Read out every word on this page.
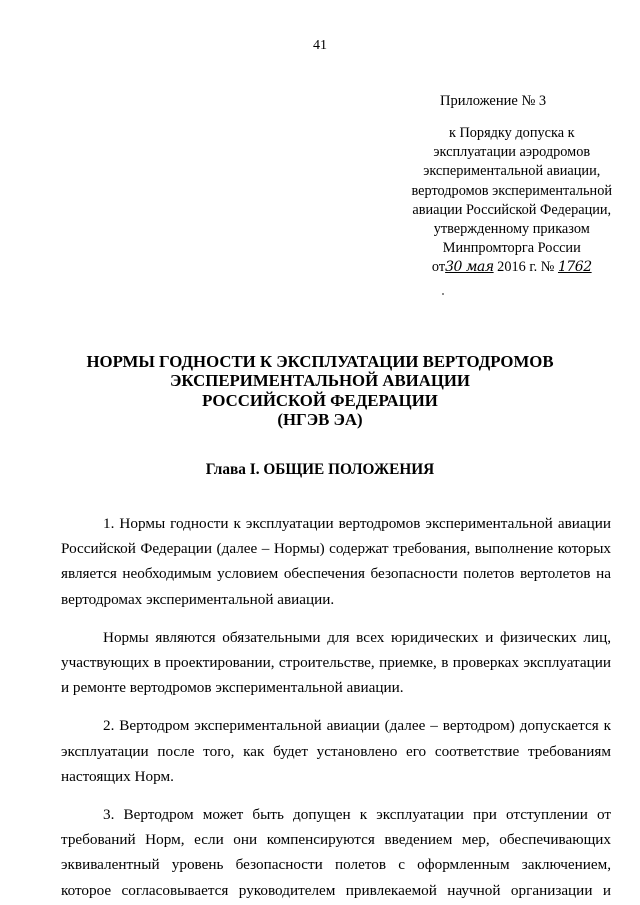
41
Приложение № 3
к Порядку допуска к
эксплуатации аэродромов
экспериментальной авиации,
вертодромов экспериментальной
авиации Российской Федерации,
утвержденному приказом
Минпромторга России
от30 мая 2016 г. № 1762
НОРМЫ ГОДНОСТИ К ЭКСПЛУАТАЦИИ ВЕРТОДРОМОВ
ЭКСПЕРИМЕНТАЛЬНОЙ АВИАЦИИ
РОССИЙСКОЙ ФЕДЕРАЦИИ
(НГЭВ ЭА)
Глава I. ОБЩИЕ ПОЛОЖЕНИЯ

1. Нормы годности к эксплуатации вертодромов экспериментальной авиации Российской Федерации (далее – Нормы) содержат требования, выполнение которых является необходимым условием обеспечения безопасности полетов вертолетов на вертодромах экспериментальной авиации.

Нормы являются обязательными для всех юридических и физических лиц, участвующих в проектировании, строительстве, приемке, в проверках эксплуатации и ремонте вертодромов экспериментальной авиации.

2. Вертодром экспериментальной авиации (далее – вертодром) допускается к эксплуатации после того, как будет установлено его соответствие требованиям настоящих Норм.

3. Вертодром может быть допущен к эксплуатации при отступлении от требований Норм, если они компенсируются введением мер, обеспечивающих эквивалентный уровень безопасности полетов с оформленным заключением, которое согласовывается руководителем привлекаемой научной организации и
